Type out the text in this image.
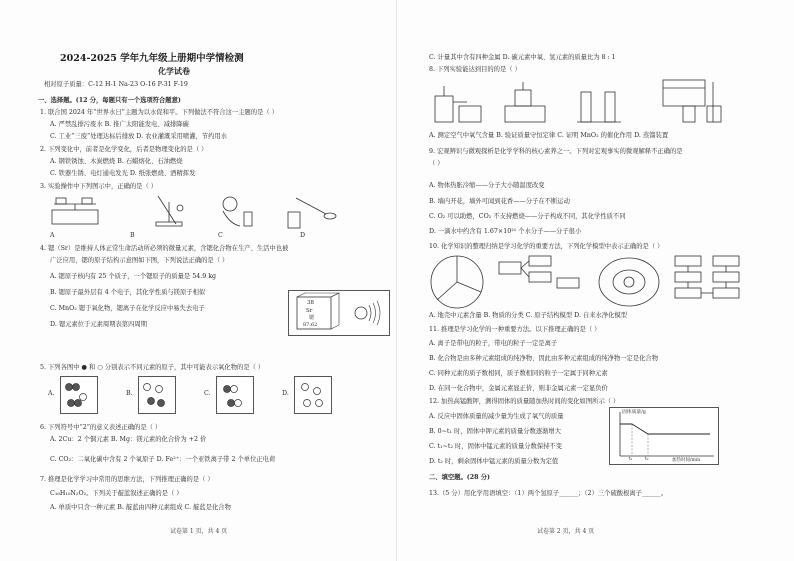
2024-2025 学年九年级上册期中学情检测
化学试卷
相对原子质量：C-12 H-1 Na-23 O-16 P-31 F-19
一、选择题。(12 分，每题只有一个选项符合题意)
1. 联合国 2024 年“世界水日”主题为以水促和平。下列做法不符合这一主题的是（ ）
A. 严禁乱排污废水 B. 推广太阳能发电、减排降碳
C. 工业“三废”处理达标后排放 D. 农业灌溉采用喷灌，节约用水
2. 下列变化中，前者是化学变化，后者是物理变化的是（ ）
A. 钢铁锈蚀、木炭燃烧 B. 石蜡熔化、石油燃烧
C. 铁器生锈、电灯通电发光 D. 纸张燃烧、酒精挥发
3. 实验操作中下列图示中，正确的是（ ）
A	B	C	D
4. 锶（Sr）是维持人体正常生命活动所必须的微量元素，含锶化合物在生产、生活中也被
广泛应用，锶的原子结构示意图如下图，下列说法正确的是（ ）
A. 锶原子核内有 25 个质子，一个锶原子的质量是 54.9 kg
B. 锶原子最外层有 4 个电子，其化学性质与镁原子相似
C. MnO₂ 锶于氧化物，锶离子在化学反应中易失去电子
D. 锶元素位于元素周期表第四周期
38
Sr
锶
87.62
5. 下列各图中 ● 和 ○ 分别表示不同元素的原子，其中可能表示氧化物的是（ ）
A.	B.	C.	D.
6. 下列符号中“2”的意义表述正确的是（ ）
A. 2Cu：2 个铜元素 B. Mg：镁元素的化合价为 +2 价
C. CO₂：二氧化碳中含有 2 个氧原子 D. Fe²⁺：一个亚铁离子带 2 个单位正电荷
7. 推理是化学学习中常用的思维方法，下列推理正确的是（ ）
C₁₆H₁₀N₂O₂。下列关于靛蓝叙述正确的是（ ）
A. 单质中只含一种元素 B. 靛蓝由四种元素组成 C. 靛蓝是化合物
试卷第 1 页，共 4 页
C. 计量其中含有四种金属 D. 碳元素中氧、氢元素的质量比为 8 : 1
8. 下列实验能达到目的的是（ ）
A. 测定空气中氧气含量 B. 验证质量守恒定律 C. 证明 MnO₂ 的催化作用 D. 蒸馏装置
9. 宏观辨识与微观探析是化学学科的核心素养之一。下列对宏观事实的微观解释不正确的是
（ ）
A. 物体热胀冷缩——分子大小随温度改变
B. 墙内开花，墙外可闻到花香——分子在不断运动
C. O₂ 可以助燃，CO₂ 不支持燃烧——分子构成不同，其化学性质不同
D. 一滴水中约含有 1.67×10²¹ 个水分子——分子很小
10. 化学知识的整理归纳是学习化学的重要方法，下列化学模型中表示正确的是（ ）
A. 地壳中元素含量 B. 物质的分类 C. 原子结构模型 D. 自来水净化模型
11. 推理是学习化学的一种重要方法。以下推理正确的是（ ）
A. 离子是带电的粒子，带电的粒子一定是离子
B. 化合物是由多种元素组成的纯净物，因此由多种元素组成的纯净物一定是化合物
C. 同种元素的质子数相同，质子数相同的粒子一定属于同种元素
D. 在同一化合物中，金属元素显正价，则非金属元素一定显负价
12. 加热高锰酸钾，测得固体的质量随加热时间的变化如图所示（ ）
A. 反应中固体质量的减少量为生成了氧气的质量
B. 0~t₁ 时，固体中钾元素的质量分数逐渐增大
C. t₁~t₂ 时，固体中锰元素的质量分数保持不变
D. t₂ 时，剩余固体中锰元素的质量分数为定值
固体质量/g
加热时间/min
t₁	t₂
二、填空题。(28 分)
13.（5 分）用化学用语填空：（1）两个氢原子______；（2）三个硫酸根离子______。
试卷第 2 页，共 4 页
